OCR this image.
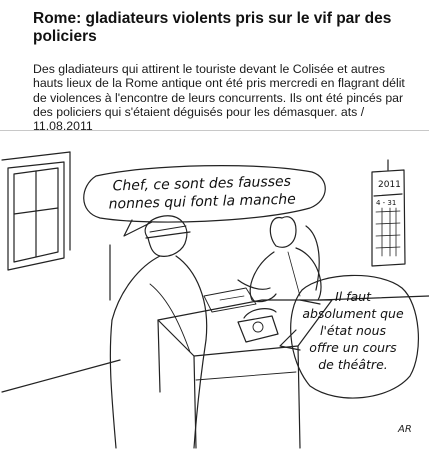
Rome: gladiateurs violents pris sur le vif par des policiers
Des gladiateurs qui attirent le touriste devant le Colisée et autres hauts lieux de la Rome antique ont été pris mercredi en flagrant délit de violences à l'encontre de leurs concurrents. Ils ont été pincés par des policiers qui s'étaient déguisés pour les démasquer. ats / 11.08.2011
Chef, ce sont des fausses
nonnes qui font la manche
Il faut
absolument que
l'état nous
offre un cours
de théâtre.
2011
4 - 31
AR
